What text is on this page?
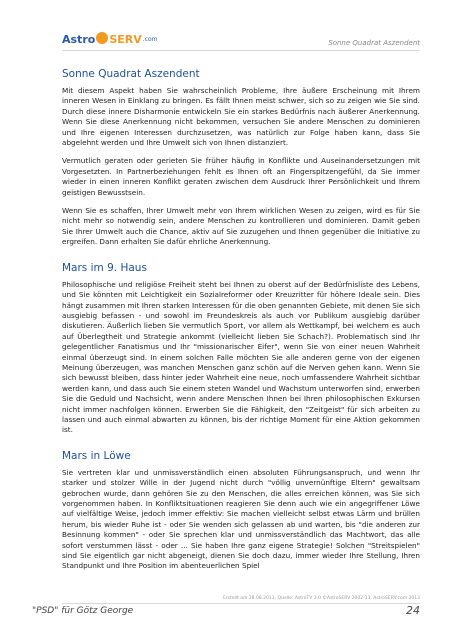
Astro SERV .com	Sonne Quadrat Aszendent
Sonne Quadrat Aszendent

Mit diesem Aspekt haben Sie wahrscheinlich Probleme, Ihre äußere Erscheinung mit Ihrem inneren Wesen in Einklang zu bringen. Es fällt Ihnen meist schwer, sich so zu zeigen wie Sie sind. Durch diese innere Disharmonie entwickeln Sie ein starkes Bedürfnis nach äußerer Anerkennung. Wenn Sie diese Anerkennung nicht bekommen, versuchen Sie andere Menschen zu dominieren und Ihre eigenen Interessen durchzusetzen, was natürlich zur Folge haben kann, dass Sie abgelehnt werden und Ihre Umwelt sich von Ihnen distanziert.

Vermutlich geraten oder gerieten Sie früher häufig in Konflikte und Auseinandersetzungen mit Vorgesetzten. In Partnerbeziehungen fehlt es Ihnen oft an Fingerspitzengefühl, da Sie immer wieder in einen inneren Konflikt geraten zwischen dem Ausdruck Ihrer Persönlichkeit und Ihrem geistigen Bewusstsein.

Wenn Sie es schaffen, Ihrer Umwelt mehr von Ihrem wirklichen Wesen zu zeigen, wird es für Sie nicht mehr so notwendig sein, andere Menschen zu kontrollieren und dominieren. Damit geben Sie Ihrer Umwelt auch die Chance, aktiv auf Sie zuzugehen und Ihnen gegenüber die Initiative zu ergreifen. Dann erhalten Sie dafür ehrliche Anerkennung.

Mars im 9. Haus

Philosophische und religiöse Freiheit steht bei Ihnen zu oberst auf der Bedürfnisliste des Lebens, und Sie könnten mit Leichtigkeit ein Sozialreformer oder Kreuzritter für höhere Ideale sein. Dies hängt zusammen mit Ihren starken Interessen für die oben genannten Gebiete, mit denen Sie sich ausgiebig befassen - und sowohl im Freundeskreis als auch vor Publikum ausgiebig darüber diskutieren. Äußerlich lieben Sie vermutlich Sport, vor allem als Wettkampf, bei welchem es auch auf Überlegtheit und Strategie ankommt (vielleicht lieben Sie Schach?). Problematisch sind Ihr gelegentlicher Fanatismus und Ihr "missionarischer Eifer", wenn Sie von einer neuen Wahrheit einmal überzeugt sind. In einem solchen Falle möchten Sie alle anderen gerne von der eigenen Meinung überzeugen, was manchen Menschen ganz schön auf die Nerven gehen kann. Wenn Sie sich bewusst bleiben, dass hinter jeder Wahrheit eine neue, noch umfassendere Wahrheit sichtbar werden kann, und dass auch Sie einem steten Wandel und Wachstum unterworfen sind, erwerben Sie die Geduld und Nachsicht, wenn andere Menschen Ihnen bei Ihren philosophischen Exkursen nicht immer nachfolgen können. Erwerben Sie die Fähigkeit, den "Zeitgeist" für sich arbeiten zu lassen und auch einmal abwarten zu können, bis der richtige Moment für eine Aktion gekommen ist.

Mars in Löwe

Sie vertreten klar und unmissverständlich einen absoluten Führungsanspruch, und wenn Ihr starker und stolzer Wille in der Jugend nicht durch "völlig unvernünftige Eltern" gewaltsam gebrochen wurde, dann gehören Sie zu den Menschen, die alles erreichen können, was Sie sich vorgenommen haben. In Konfliktsituationen reagieren Sie denn auch wie ein angegriffener Löwe auf vielfältige Weise, jedoch immer effektiv: Sie machen vielleicht selbst etwas Lärm und brüllen herum, bis wieder Ruhe ist - oder Sie wenden sich gelassen ab und warten, bis "die anderen zur Besinnung kommen" - oder Sie sprechen klar und unmissverständlich das Machtwort, das alle sofort verstummen lässt - oder ... Sie haben Ihre ganz eigene Strategie! Solchen "Streitspielen" sind Sie eigentlich gar nicht abgeneigt, dienen Sie doch dazu, immer wieder Ihre Stellung, Ihren Standpunkt und Ihre Position im abenteuerlichen Spiel

Erstellt am 28.08.2013, Quelle: AstroTV 3.0 ©AstroSERV 2002-13, AstroSERV.com 2013
"PSD" für Götz George	24
